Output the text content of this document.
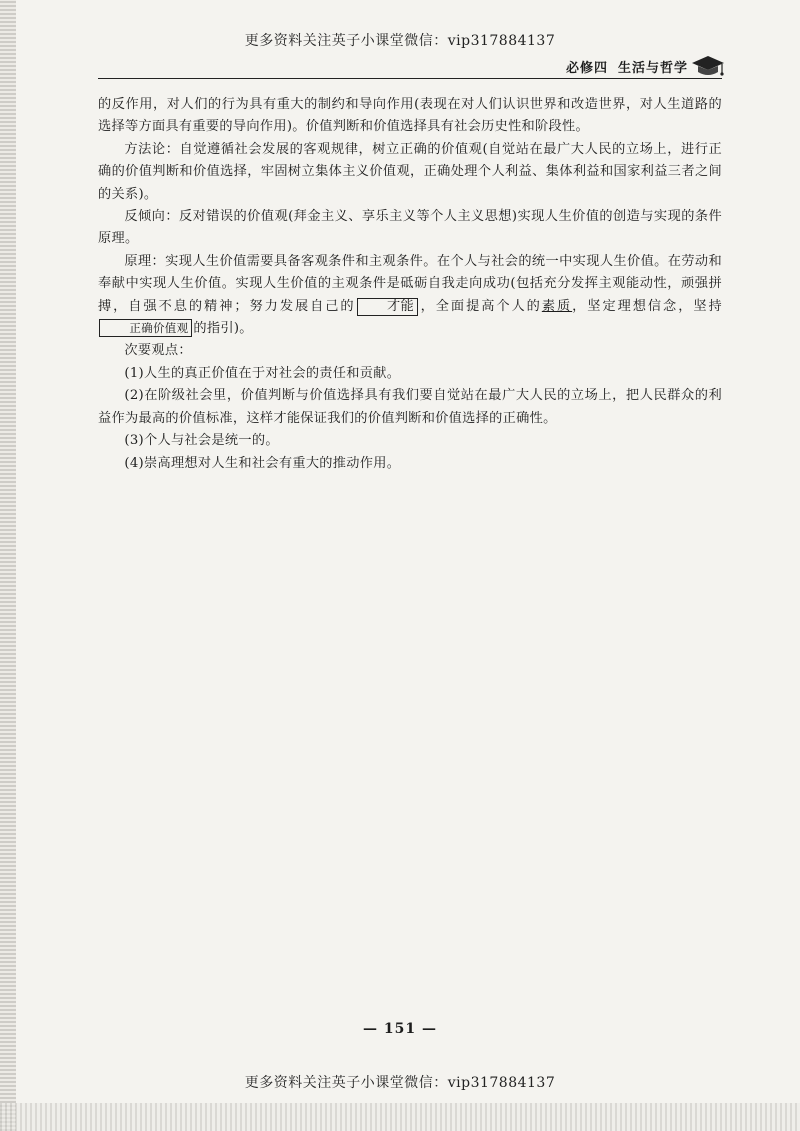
更多资料关注英子小课堂微信：vip317884137
必修四 生活与哲学

的反作用，对人们的行为具有重大的制约和导向作用(表现在对人们认识世界和改造世界，对人生道路的选择等方面具有重要的导向作用)。价值判断和价值选择具有社会历史性和阶段性。

方法论：自觉遵循社会发展的客观规律，树立正确的价值观(自觉站在最广大人民的立场上，进行正确的价值判断和价值选择，牢固树立集体主义价值观，正确处理个人利益、集体利益和国家利益三者之间的关系)。

反倾向：反对错误的价值观(拜金主义、享乐主义等个人主义思想)实现人生价值的创造与实现的条件原理。

原理：实现人生价值需要具备客观条件和主观条件。在个人与社会的统一中实现人生价值。在劳动和奉献中实现人生价值。实现人生价值的主观条件是砥砺自我走向成功(包括充分发挥主观能动性，顽强拼搏，自强不息的精神；努力发展自己的 才能 ，全面提高个人的素质，坚定理想信念，坚持正确价值观 的指引)。

次要观点：

(1)人生的真正价值在于对社会的责任和贡献。

(2)在阶级社会里，价值判断与价值选择具有我们要自觉站在最广大人民的立场上，把人民群众的利益作为最高的价值标准，这样才能保证我们的价值判断和价值选择的正确性。

(3)个人与社会是统一的。

(4)崇高理想对人生和社会有重大的推动作用。

— 151 —
更多资料关注英子小课堂微信：vip317884137
